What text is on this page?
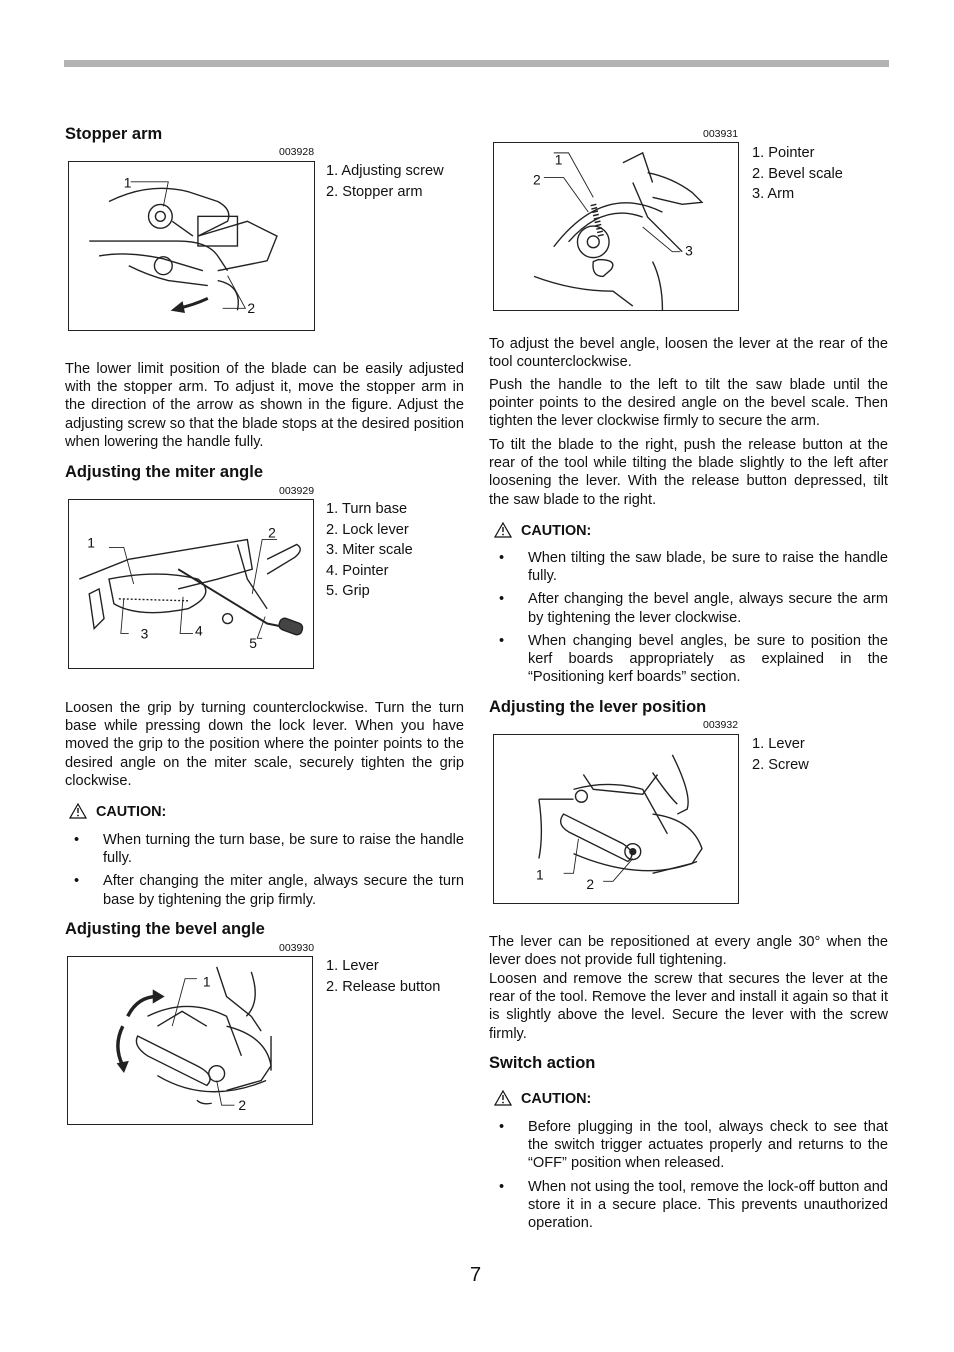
Stopper arm
003928
1
2
1. Adjusting screw
2. Stopper arm

The lower limit position of the blade can be easily adjusted with the stopper arm. To adjust it, move the stopper arm in the direction of the arrow as shown in the figure. Adjust the adjusting screw so that the blade stops at the desired position when lowering the handle fully.

Adjusting the miter angle
003929
1
2
3	4
5
1. Turn base
2. Lock lever
3. Miter scale
4. Pointer
5. Grip

Loosen the grip by turning counterclockwise. Turn the turn base while pressing down the lock lever. When you have moved the grip to the position where the pointer points to the desired angle on the miter scale, securely tighten the grip clockwise.

CAUTION:
• When turning the turn base, be sure to raise the handle fully.
• After changing the miter angle, always secure the turn base by tightening the grip firmly.
Adjusting the bevel angle
003930
1
2
1. Lever
2. Release button
003931
1
2
3
1. Pointer
2. Bevel scale
3. Arm

To adjust the bevel angle, loosen the lever at the rear of the tool counterclockwise.

Push the handle to the left to tilt the saw blade until the pointer points to the desired angle on the bevel scale. Then tighten the lever clockwise firmly to secure the arm.

To tilt the blade to the right, push the release button at the rear of the tool while tilting the blade slightly to the left after loosening the lever. With the release button depressed, tilt the saw blade to the right.

CAUTION:
• When tilting the saw blade, be sure to raise the handle fully.
• After changing the bevel angle, always secure the arm by tightening the lever clockwise.
• When changing bevel angles, be sure to position the kerf boards appropriately as explained in the “Positioning kerf boards” section.
Adjusting the lever position
003932
1
2
1. Lever
2. Screw

The lever can be repositioned at every angle 30° when the lever does not provide full tightening.

Loosen and remove the screw that secures the lever at the rear of the tool. Remove the lever and install it again so that it is slightly above the level. Secure the lever with the screw firmly.

Switch action
CAUTION:
• Before plugging in the tool, always check to see that the switch trigger actuates properly and returns to the “OFF” position when released.
• When not using the tool, remove the lock-off button and store it in a secure place. This prevents unauthorized operation.
7
